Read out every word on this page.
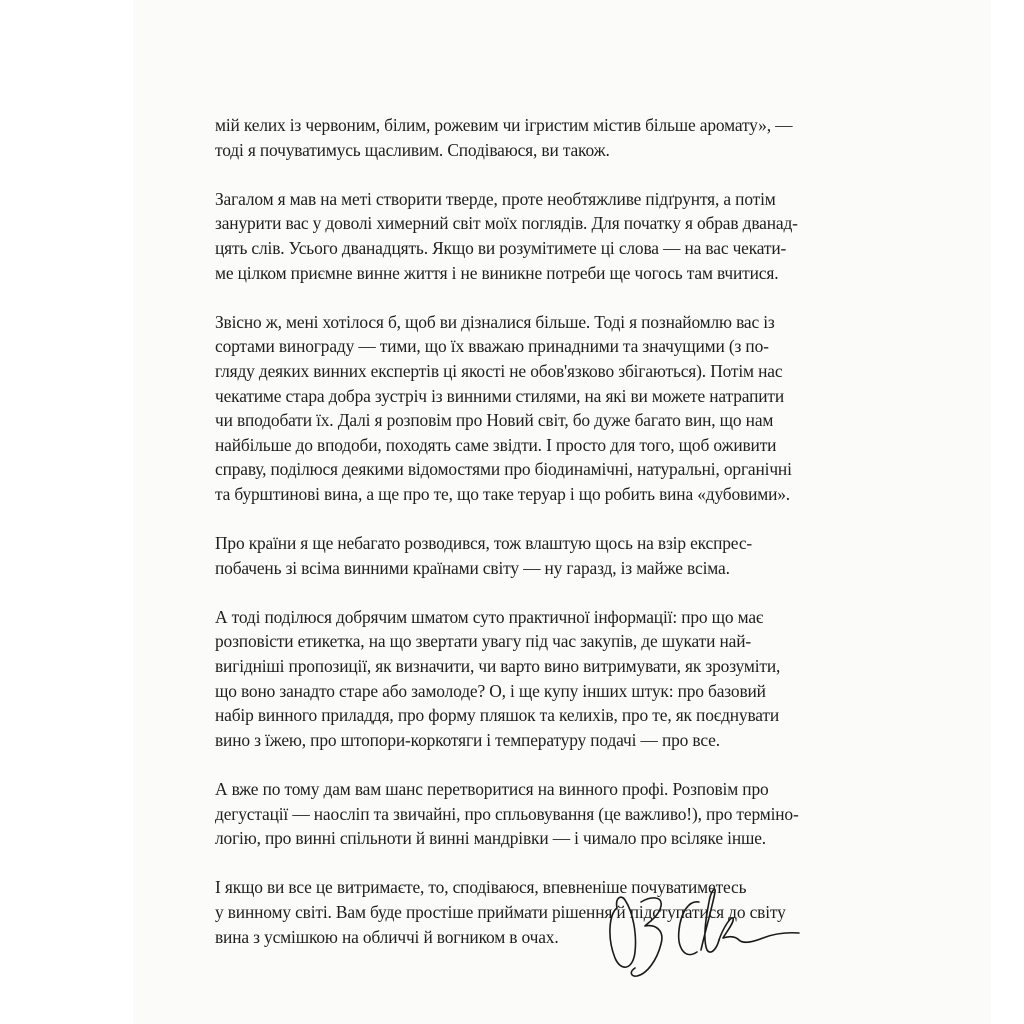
мій келих із червоним, білим, рожевим чи ігристим містив більше аромату», —
тоді я почуватимусь щасливим. Сподіваюся, ви також.

Загалом я мав на меті створити тверде, проте необтяжливе підґрунтя, а потім
занурити вас у доволі химерний світ моїх поглядів. Для початку я обрав дванад-
цять слів. Усього дванадцять. Якщо ви розумітимете ці слова — на вас чекати-
ме цілком приємне винне життя і не виникне потреби ще чогось там вчитися.

Звісно ж, мені хотілося б, щоб ви дізналися більше. Тоді я познайомлю вас із
сортами винограду — тими, що їх вважаю принадними та значущими (з по-
гляду деяких винних експертів ці якості не обов'язково збігаються). Потім нас
чекатиме стара добра зустріч із винними стилями, на які ви можете натрапити
чи вподобати їх. Далі я розповім про Новий світ, бо дуже багато вин, що нам
найбільше до вподоби, походять саме звідти. І просто для того, щоб оживити
справу, поділюся деякими відомостями про біодинамічні, натуральні, органічні
та бурштинові вина, а ще про те, що таке теруар і що робить вина «дубовими».

Про країни я ще небагато розводився, тож влаштую щось на взір експрес-
побачень зі всіма винними країнами світу — ну гаразд, із майже всіма.

А тоді поділюся добрячим шматом суто практичної інформації: про що має
розповісти етикетка, на що звертати увагу під час закупів, де шукати най-
вигідніші пропозиції, як визначити, чи варто вино витримувати, як зрозуміти,
що воно занадто старе або замолоде? О, і ще купу інших штук: про базовий
набір винного приладдя, про форму пляшок та келихів, про те, як поєднувати
вино з їжею, про штопори-коркотяги і температуру подачі — про все.

А вже по тому дам вам шанс перетворитися на винного профі. Розповім про
дегустації — наосліп та звичайні, про спльовування (це важливо!), про терміно-
логію, про винні спільноти й винні мандрівки — і чимало про всіляке інше.

І якщо ви все це витримаєте, то, сподіваюся, впевненіше почуватиметесь
у винному світі. Вам буде простіше приймати рішення й підступатися до світу
вина з усмішкою на обличчі й вогником в очах.
